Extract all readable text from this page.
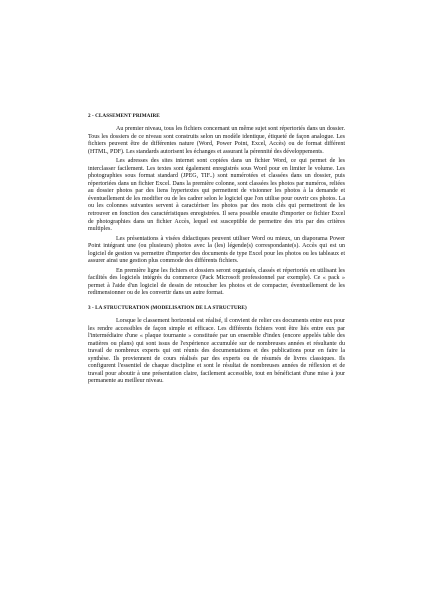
2 - CLASSEMENT PRIMAIRE

Au premier niveau, tous les fichiers concernant un même sujet sont répertoriés dans un dossier. Tous les dossiers de ce niveau sont construits selon un modèle identique, étiqueté de façon analogue. Les fichiers peuvent être de différentes nature (Word, Power Point, Excel, Accès) ou de format différent (HTML, PDF). Les standards autorisent les échanges et assurant la pérennité des développements.

Les adresses des sites internet sont copiées dans un fichier Word, ce qui permet de les interclasser facilement. Les textes sont également enregistrés sous Word pour en limiter le volume. Les photographies sous format standard (JPEG, TIF..) sont numérotées et classées dans un dossier, puis répertoriées dans un fichier Excel. Dans la première colonne, sont classées les photos par numéros, reliées au dossier photos par des liens hypertextes qui permettent de visionner les photos à la demande et éventuellement de les modifier ou de les cadrer selon le logiciel que l'on utilise pour ouvrir ces photos. La ou les colonnes suivantes servent à caractériser les photos par des mots clés qui permettront de les retrouver en fonction des caractéristiques enregistrées. Il sera possible ensuite d'importer ce fichier Excel de photographies dans un fichier Accès, lequel est susceptible de permettre des tris par des critères multiples.

Les présentations à visées didactiques peuvent utiliser Word ou mieux, un diaporama Power Point intégrant une (ou plusieurs) photos avec la (les) légende(s) correspondante(s). Accès qui est un logiciel de gestion va permettre d'importer des documents de type Excel pour les photos ou les tableaux et assurer ainsi une gestion plus commode des différents fichiers.

En première ligne les fichiers et dossiers seront organisés, classés et répertoriés en utilisant les facilités des logiciels intégrés du commerce (Pack Microsoft professionnel par exemple). Ce « pack » permet à l'aide d'un logiciel de dessin de retoucher les photos et de compacter, éventuellement de les redimensionner ou de les convertir dans un autre format.

3 - LA STRUCTURATION (MODELISATION DE LA STRUCTURE)

Lorsque le classement horizontal est réalisé, il convient de relier ces documents entre eux pour les rendre accessibles de façon simple et efficace. Les différents fichiers vont être liés entre eux par l'intermédiaire d'une « plaque tournante » constituée par un ensemble d'index (encore appelés table des matières ou plans) qui sont issus de l'expérience accumulée sur de nombreuses années et résultante du travail de nombreux experts qui ont réunis des documentations et des publications pour en faire la synthèse. Ils proviennent de cours réalisés par des experts ou de résumés de livres classiques. Ils configurent l'essentiel de chaque discipline et sont le résultat de nombreuses années de réflexion et de travail pour aboutir à une présentation claire, facilement accessible, tout en bénéficiant d'une mise à jour permanente au meilleur niveau.
